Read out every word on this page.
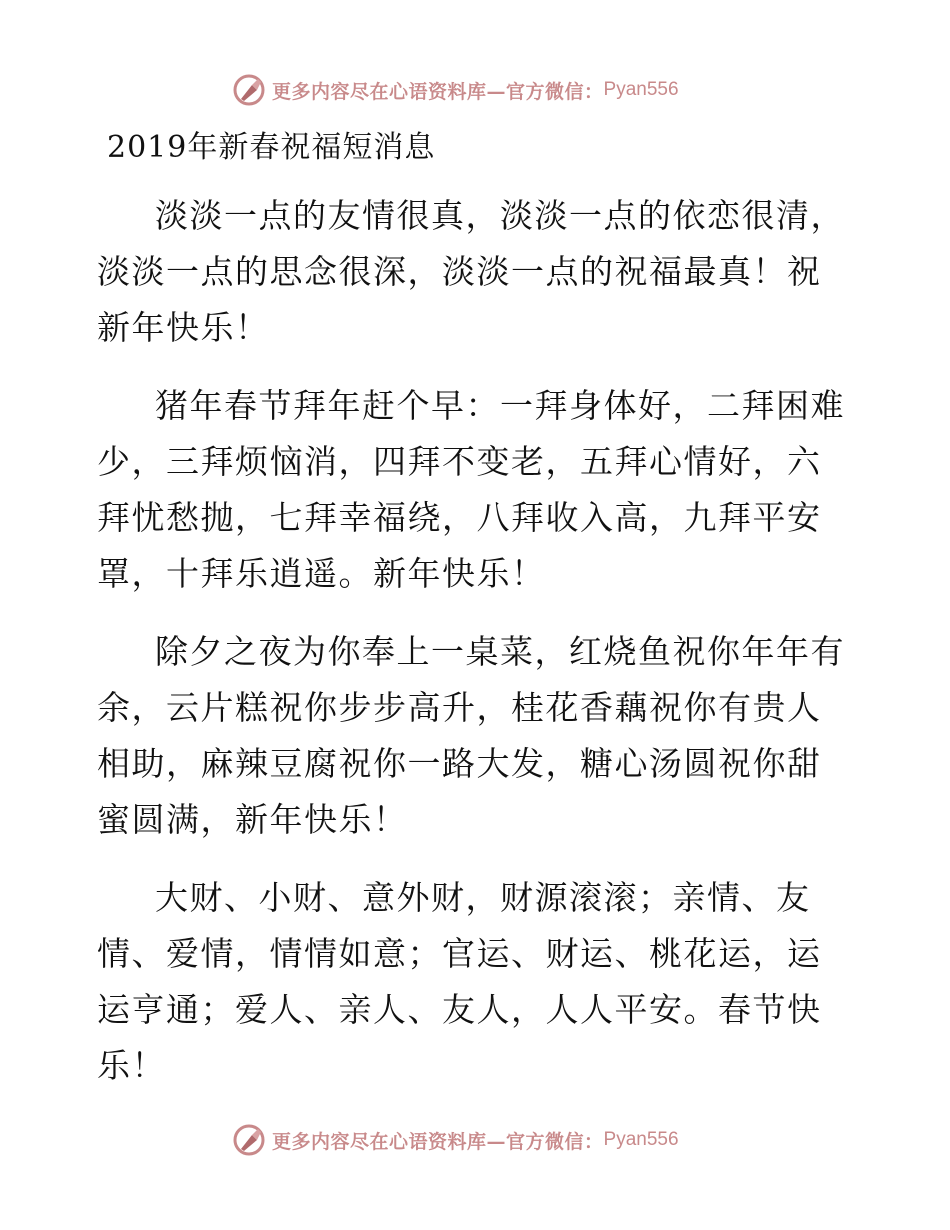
更多内容尽在心语资料库—官方微信： Pyan556
2019年新春祝福短消息

淡淡一点的友情很真，淡淡一点的依恋很清，淡淡一点的思念很深，淡淡一点的祝福最真！祝新年快乐！

猪年春节拜年赶个早：一拜身体好，二拜困难少，三拜烦恼消，四拜不变老，五拜心情好，六拜忧愁抛，七拜幸福绕，八拜收入高，九拜平安罩，十拜乐逍遥。新年快乐！

除夕之夜为你奉上一桌菜，红烧鱼祝你年年有余，云片糕祝你步步高升，桂花香藕祝你有贵人相助，麻辣豆腐祝你一路大发，糖心汤圆祝你甜蜜圆满，新年快乐！

大财、小财、意外财，财源滚滚；亲情、友情、爱情，情情如意；官运、财运、桃花运，运运亨通；爱人、亲人、友人，人人平安。春节快乐！

更多内容尽在心语资料库—官方微信： Pyan556
